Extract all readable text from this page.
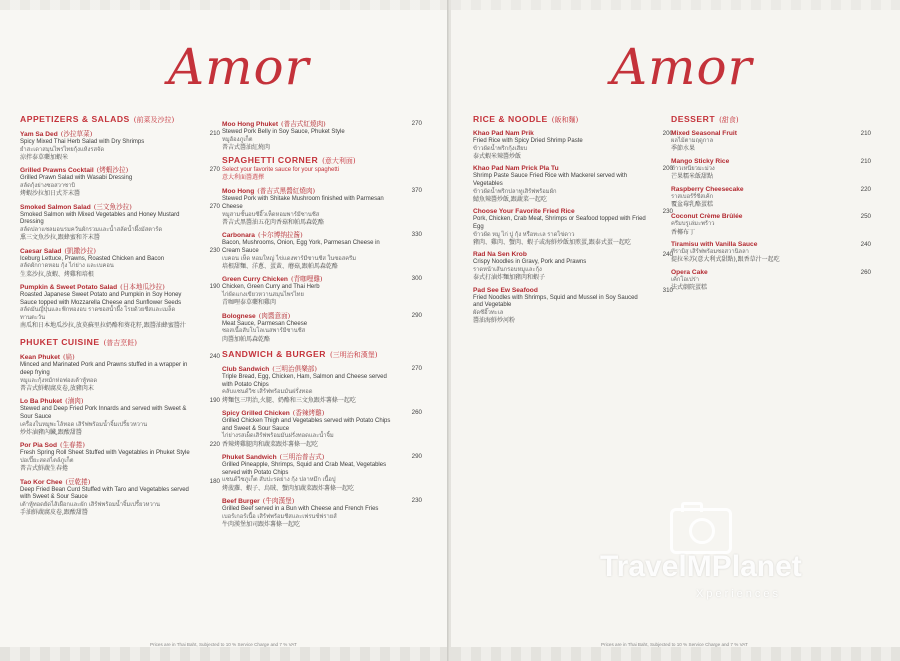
Amor
APPETIZERS & SALADS (前菜及沙拉)
Yam Sa Ded (沙拉草菜)	210
Spicy Mixed Thai Herb Salad with Dry Shrimps
ยำสะเดาสมุนไพรไทยกุ้งแห้งรสจัด
涼拌泰草藥加蝦米
Grilled Prawns Cocktail (烤蝦沙拉)	270
Grilled Prawn Salad with Wasabi Dressing
สลัดกุ้งย่างซอสวาซาบิ
烤蝦沙拉加日式芥末醬
Smoked Salmon Salad (三文魚沙拉)	270
Smoked Salmon with Mixed Vegetables and Honey Mustard Dressing
สลัดปลาแซลมอนรมควันผักรวมและน้ำสลัดน้ำผึ้งมัสตาร์ด
熏三文魚沙拉,跟蜂蜜和芥末醬
Caesar Salad (凱撒沙拉)	230
Iceburg Lettuce, Prawns, Roasted Chicken and Bacon
สลัดผักกาดหอม กุ้ง ไก่ย่าง และเบคอน
生菜沙拉,放蝦、烤雞和培根
Pumpkin & Sweet Potato Salad (日本地瓜沙拉)	190
Roasted Japanese Sweet Potato and Pumpkin in Soy Honey Sauce topped with Mozzarella Cheese and Sunflower Seeds
สลัดมันญี่ปุ่นและฟักทองอบ ราดซอสน้ำผึ้ง โรยด้วยชีสและเมล็ดทานตะวัน
南瓜和日本地瓜沙拉,放莫蘇里拉奶酪和葵花籽,跟醬油蜂蜜醬汁
PHUKET CUISINE (普吉烹飪)
Kean Phuket (扁)	240
Minced and Marinated Pork and Prawns stuffed in a wrapper in deep frying
หมูและกุ้งหมักห่อฟองเต้าหู้ทอด
普吉式鮮蝦腐皮卷,放豬肉末
Lo Ba Phuket (滷肉)	190
Stewed and Deep Fried Pork Innards and served with Sweet & Sour Sauce
เครื่องในหมูพะโล้ทอด เสิร์ฟพร้อมน้ำจิ้มเปรี้ยวหวาน
炒炸滷豬內臟,跟酸甜醬
Por Pia Sod (生春捲)	220
Fresh Spring Roll Sheet Stuffed with Vegetables in Phuket Style
ปอเปี๊ยะสดสไตล์ภูเก็ต
普吉式鮮蔬生春捲
Tao Kor Chee (豆乾捲)	180
Deep Fried Bean Curd Stuffed with Taro and Vegetables served with Sweet & Sour Sauce
เต้าหู้ทอดยัดไส้เผือกและผัก เสิร์ฟพร้อมน้ำจิ้มเปรี้ยวหวาน
手油鮮蔬腐皮卷,跟酸甜醬
Moo Hong Phuket (普吉式紅燒肉)	270
Stewed Pork Belly in Soy Sauce, Phuket Style
หมูฮ้องภูเก็ต
普吉式醬油紅燒肉
SPAGHETTI CORNER (意大利面)
Select your favorite sauce for your spaghetti
意大利面醬選擇
Moo Hong (普吉式黑醬紅燒肉)	370
Stewed Pork with Shitake Mushroom finished with Parmesan Cheese
หมูสามชั้นอบซีอิ๊วเห็ดหอมพาร์มีซานชีส
普吉式黑醬油五花肉香菇和帕馬森乾酪
Carbonara (卡尔博纳拉酱)	330
Bacon, Mushrooms, Onion, Egg York, Parmesan Cheese in Cream Sauce
เบคอน เห็ด หอมใหญ่ ไข่แดงพาร์มีซานชีส ในซอสครีม
培根甜麵、洋蔥、蛋黃、蘑菇,跟帕馬森乾酪
Green Curry Chicken (青咖哩雞)	300
Chicken, Green Curry and Thai Herb
ไก่ผัดแกงเขียวหวานสมุนไพรไทย
青咖哩泰草藥和雞肉
Bolognese (肉醬意面)	290
Meat Sauce, Parmesan Cheese
ซอสเนื้อสับโบโลเนสพาร์มีซานชีส
肉醬加帕馬森乾酪
SANDWICH & BURGER (三明治和漢堡)
Club Sandwich (三明治俱樂部)	270
Triple Bread, Egg, Chicken, Ham, Salmon and Cheese served with Potato Chips
คลับแซนด์วิช เสิร์ฟพร้อมมันฝรั่งทอด
烤麵包三明治,火腿、奶酪和三文魚跟炸薯條一起吃
Spicy Grilled Chicken (香辣烤雞)	260
Grilled Chicken Thigh and Vegetables served with Potato Chips and Sweet & Sour Sauce
ไก่ย่างรสเผ็ดเสิร์ฟพร้อมมันฝรั่งทอดและน้ำจิ้ม
香辣烤雞腿肉和蔬菜跟炸薯條一起吃
Phuket Sandwich (三明治普吉式)	290
Grilled Pineapple, Shrimps, Squid and Crab Meat, Vegetables served with Potato Chips
แซนด์วิชภูเก็ต สับปะรดย่าง กุ้ง ปลาหมึก เนื้อปู
烤菠蘿、蝦子、烏賊、蟹肉加蔬菜跟炸薯條一起吃
Beef Burger (牛肉漢堡)	230
Grilled Beef served in a Bun with Cheese and French Fries
เบอร์เกอร์เนื้อ เสิร์ฟพร้อมชีสและเฟรนช์ฟรายส์
牛肉漢堡加司跟炸薯條一起吃
Prices are in Thai Baht, Subjected to 10 % Service Charge and 7 % VAT
Amor
RICE & NOODLE (飯和麵)
Khao Pad Nam Prik	200
Fried Rice with Spicy Dried Shrimp Paste
ข้าวผัดน้ำพริกกุ้งเสียบ
泰式蝦米辣醬炒飯
Khao Pad Nam Prick Pla Tu	200
Shrimp Paste Sauce Fried Rice with Mackerel served with Vegetables
ข้าวผัดน้ำพริกปลาทูเสิร์ฟพร้อมผัก
鯖魚辣醬炒飯,跟蔬菜一起吃
Choose Your Favorite Fried Rice	230
Pork, Chicken, Crab Meat, Shrimps or Seafood topped with Fried Egg
ข้าวผัด หมู ไก่ ปู กุ้ง หรือทะเล ราดไข่ดาว
豬肉、雞肉、蟹肉、蝦子或海鮮炒飯加煎蛋,跟泰式蛋一起吃
Rad Na Sen Krob	240
Crispy Noodles in Gravy, Pork and Prawns
ราดหน้าเส้นกรอบหมูและกุ้ง
泰式打滷炸麵加豬肉和蝦子
Pad See Ew Seafood	310
Fried Noodles with Shrimps, Squid and Mussel in Soy Sauced and Vegetable
ผัดซีอิ๊วทะเล
醬油海鮮炒河粉
DESSERT (甜食)
Mixed Seasonal Fruit	210
ผลไม้ตามฤดูกาล
季節水果
Mango Sticky Rice	210
ข้าวเหนียวมะม่วง
芒果糯米飯甜點
Raspberry Cheesecake	220
ราสเบอร์รี่ชีสเค้ก
覆盆莓乳酪蛋糕
Coconut Crème Brûlée	250
ครีมบรูเล่มะพร้าว
香椰布丁
Tiramisu with Vanilla Sauce	240
ทีรามิสุ เสิร์ฟพร้อมซอสวานิลลา
提拉米苏(意大利式甜點),跟香草汁一起吃
Opera Cake	260
เค้กโอเปร่า
法式劇院蛋糕
Prices are in Thai Baht, Subjected to 10 % Service Charge and 7 % VAT
TravelMPlanet
Xperiences
